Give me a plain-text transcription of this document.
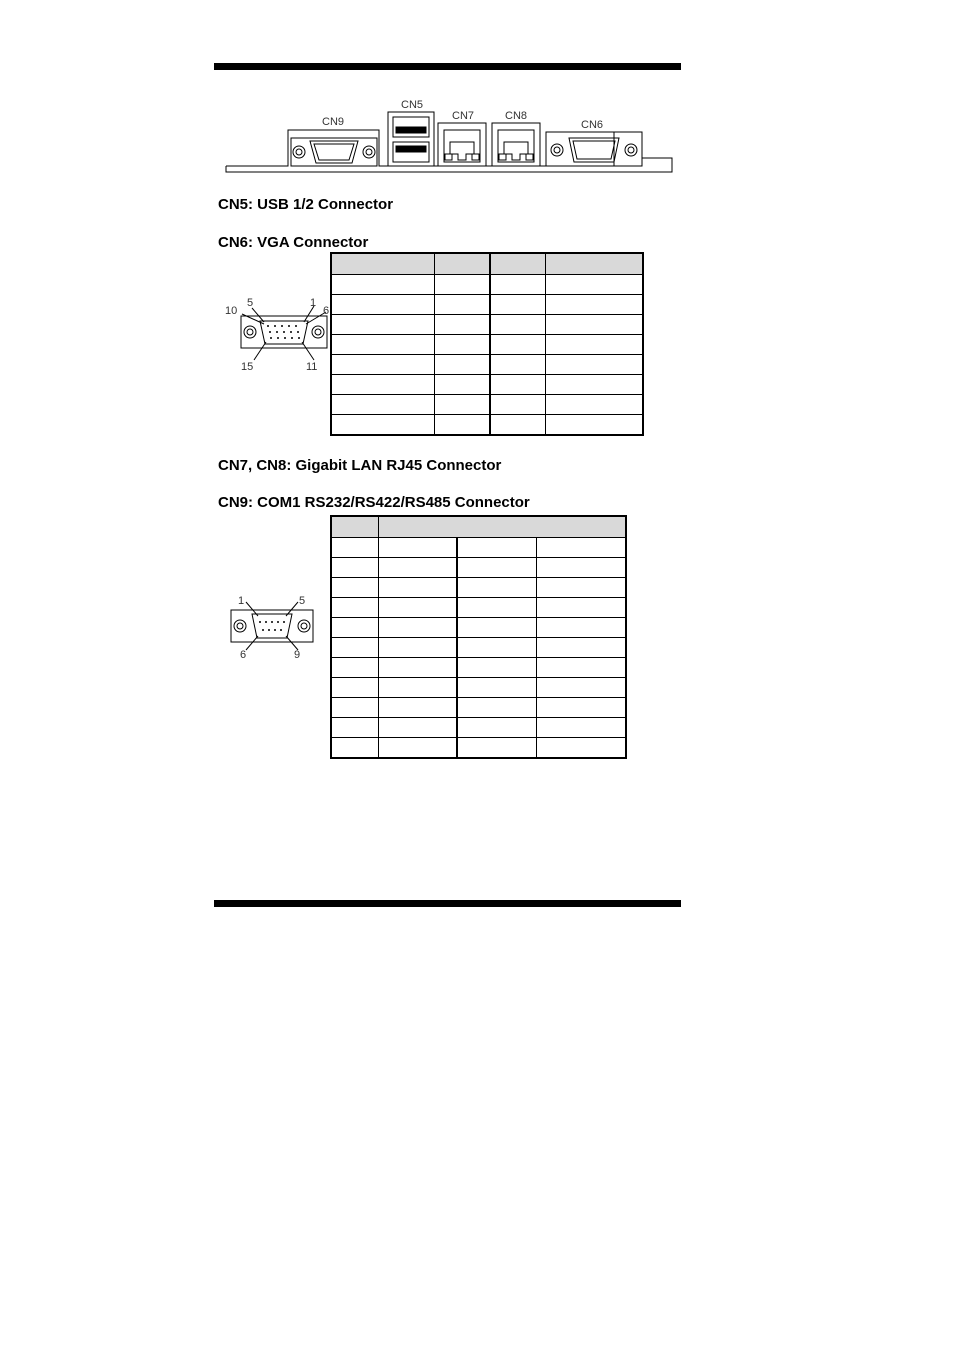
CN9
CN5
CN7	CN8
CN6
CN5: USB 1/2 Connector
CN6: VGA Connector
10
5	1
6
15	11

CN7, CN8: Gigabit LAN RJ45 Connector
CN9: COM1 RS232/RS422/RS485 Connector
1	5
6	9
